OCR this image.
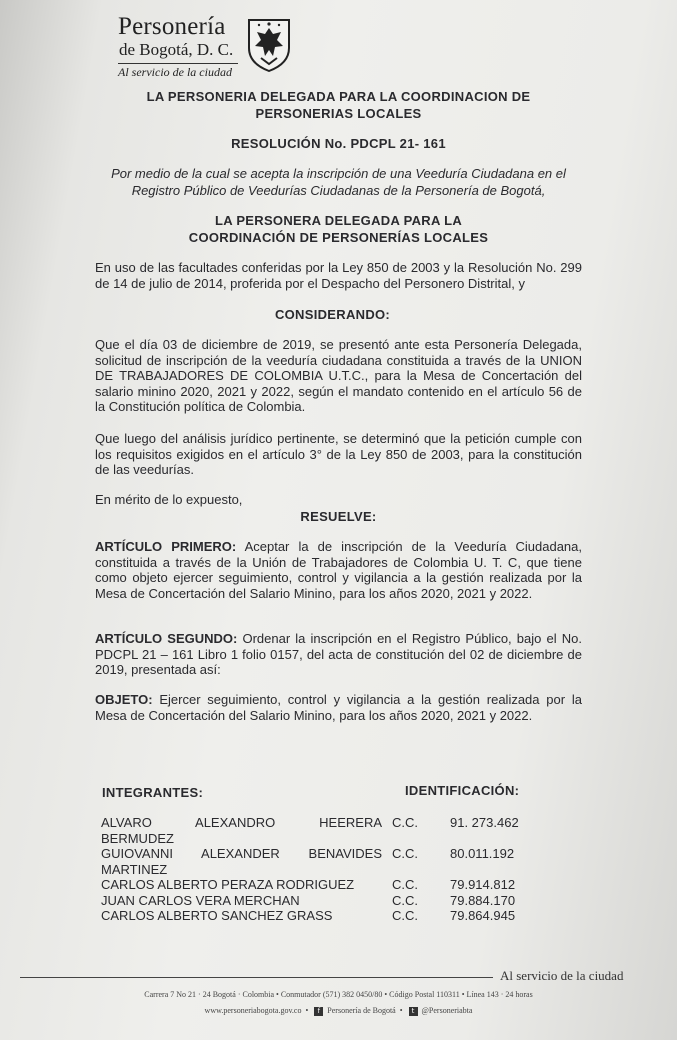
Personería
de Bogotá, D. C.
Al servicio de la ciudad
LA PERSONERIA DELEGADA PARA LA COORDINACION DE
PERSONERIAS LOCALES
RESOLUCIÓN No. PDCPL 21- 161
Por medio de la cual se acepta la inscripción de una Veeduría Ciudadana en el
Registro Público de Veedurías Ciudadanas de la Personería de Bogotá,
LA PERSONERA DELEGADA PARA LA
COORDINACIÓN DE PERSONERÍAS LOCALES
En uso de las facultades conferidas por la Ley 850 de 2003 y la Resolución No. 299 de 14 de julio de 2014, proferida por el Despacho del Personero Distrital, y
CONSIDERANDO:
Que el día 03 de diciembre de 2019, se presentó ante esta Personería Delegada, solicitud de inscripción de la veeduría ciudadana constituida a través de la UNION DE TRABAJADORES DE COLOMBIA U.T.C., para la Mesa de Concertación del salario minino 2020, 2021 y 2022, según el mandato contenido en el artículo 56 de la Constitución política de Colombia.
Que luego del análisis jurídico pertinente, se determinó que la petición cumple con los requisitos exigidos en el artículo 3° de la Ley 850 de 2003, para la constitución de las veedurías.
En mérito de lo expuesto,
RESUELVE:
ARTÍCULO PRIMERO: Aceptar la de inscripción de la Veeduría Ciudadana, constituida a través de la Unión de Trabajadores de Colombia U. T. C, que tiene como objeto ejercer seguimiento, control y vigilancia a la gestión realizada por la Mesa de Concertación del Salario Minino, para los años 2020, 2021 y 2022.
ARTÍCULO SEGUNDO: Ordenar la inscripción en el Registro Público, bajo el No. PDCPL 21 – 161 Libro 1 folio 0157, del acta de constitución del 02 de diciembre de 2019, presentada así:
OBJETO: Ejercer seguimiento, control y vigilancia a la gestión realizada por la Mesa de Concertación del Salario Minino, para los años 2020, 2021 y 2022.
INTEGRANTES:	IDENTIFICACIÓN:
ALVARO ALEXANDRO HEERERA
BERMUDEZ	C.C.	91. 273.462

GUIOVANNI ALEXANDER BENAVIDES
MARTINEZ	C.C.	80.011.192
CARLOS ALBERTO PERAZA RODRIGUEZ	C.C.	79.914.812
JUAN CARLOS VERA MERCHAN	C.C.	79.884.170
CARLOS ALBERTO SANCHEZ GRASS	C.C.	79.864.945
Al servicio de la ciudad
Carrera 7 No 21 · 24 Bogotá · Colombia • Conmutador (571) 382 0450/80 • Código Postal 110311 • Línea 143 · 24 horas
www.personeriabogota.gov.co  •  f Personería de Bogotá  •  t @Personeriabta
